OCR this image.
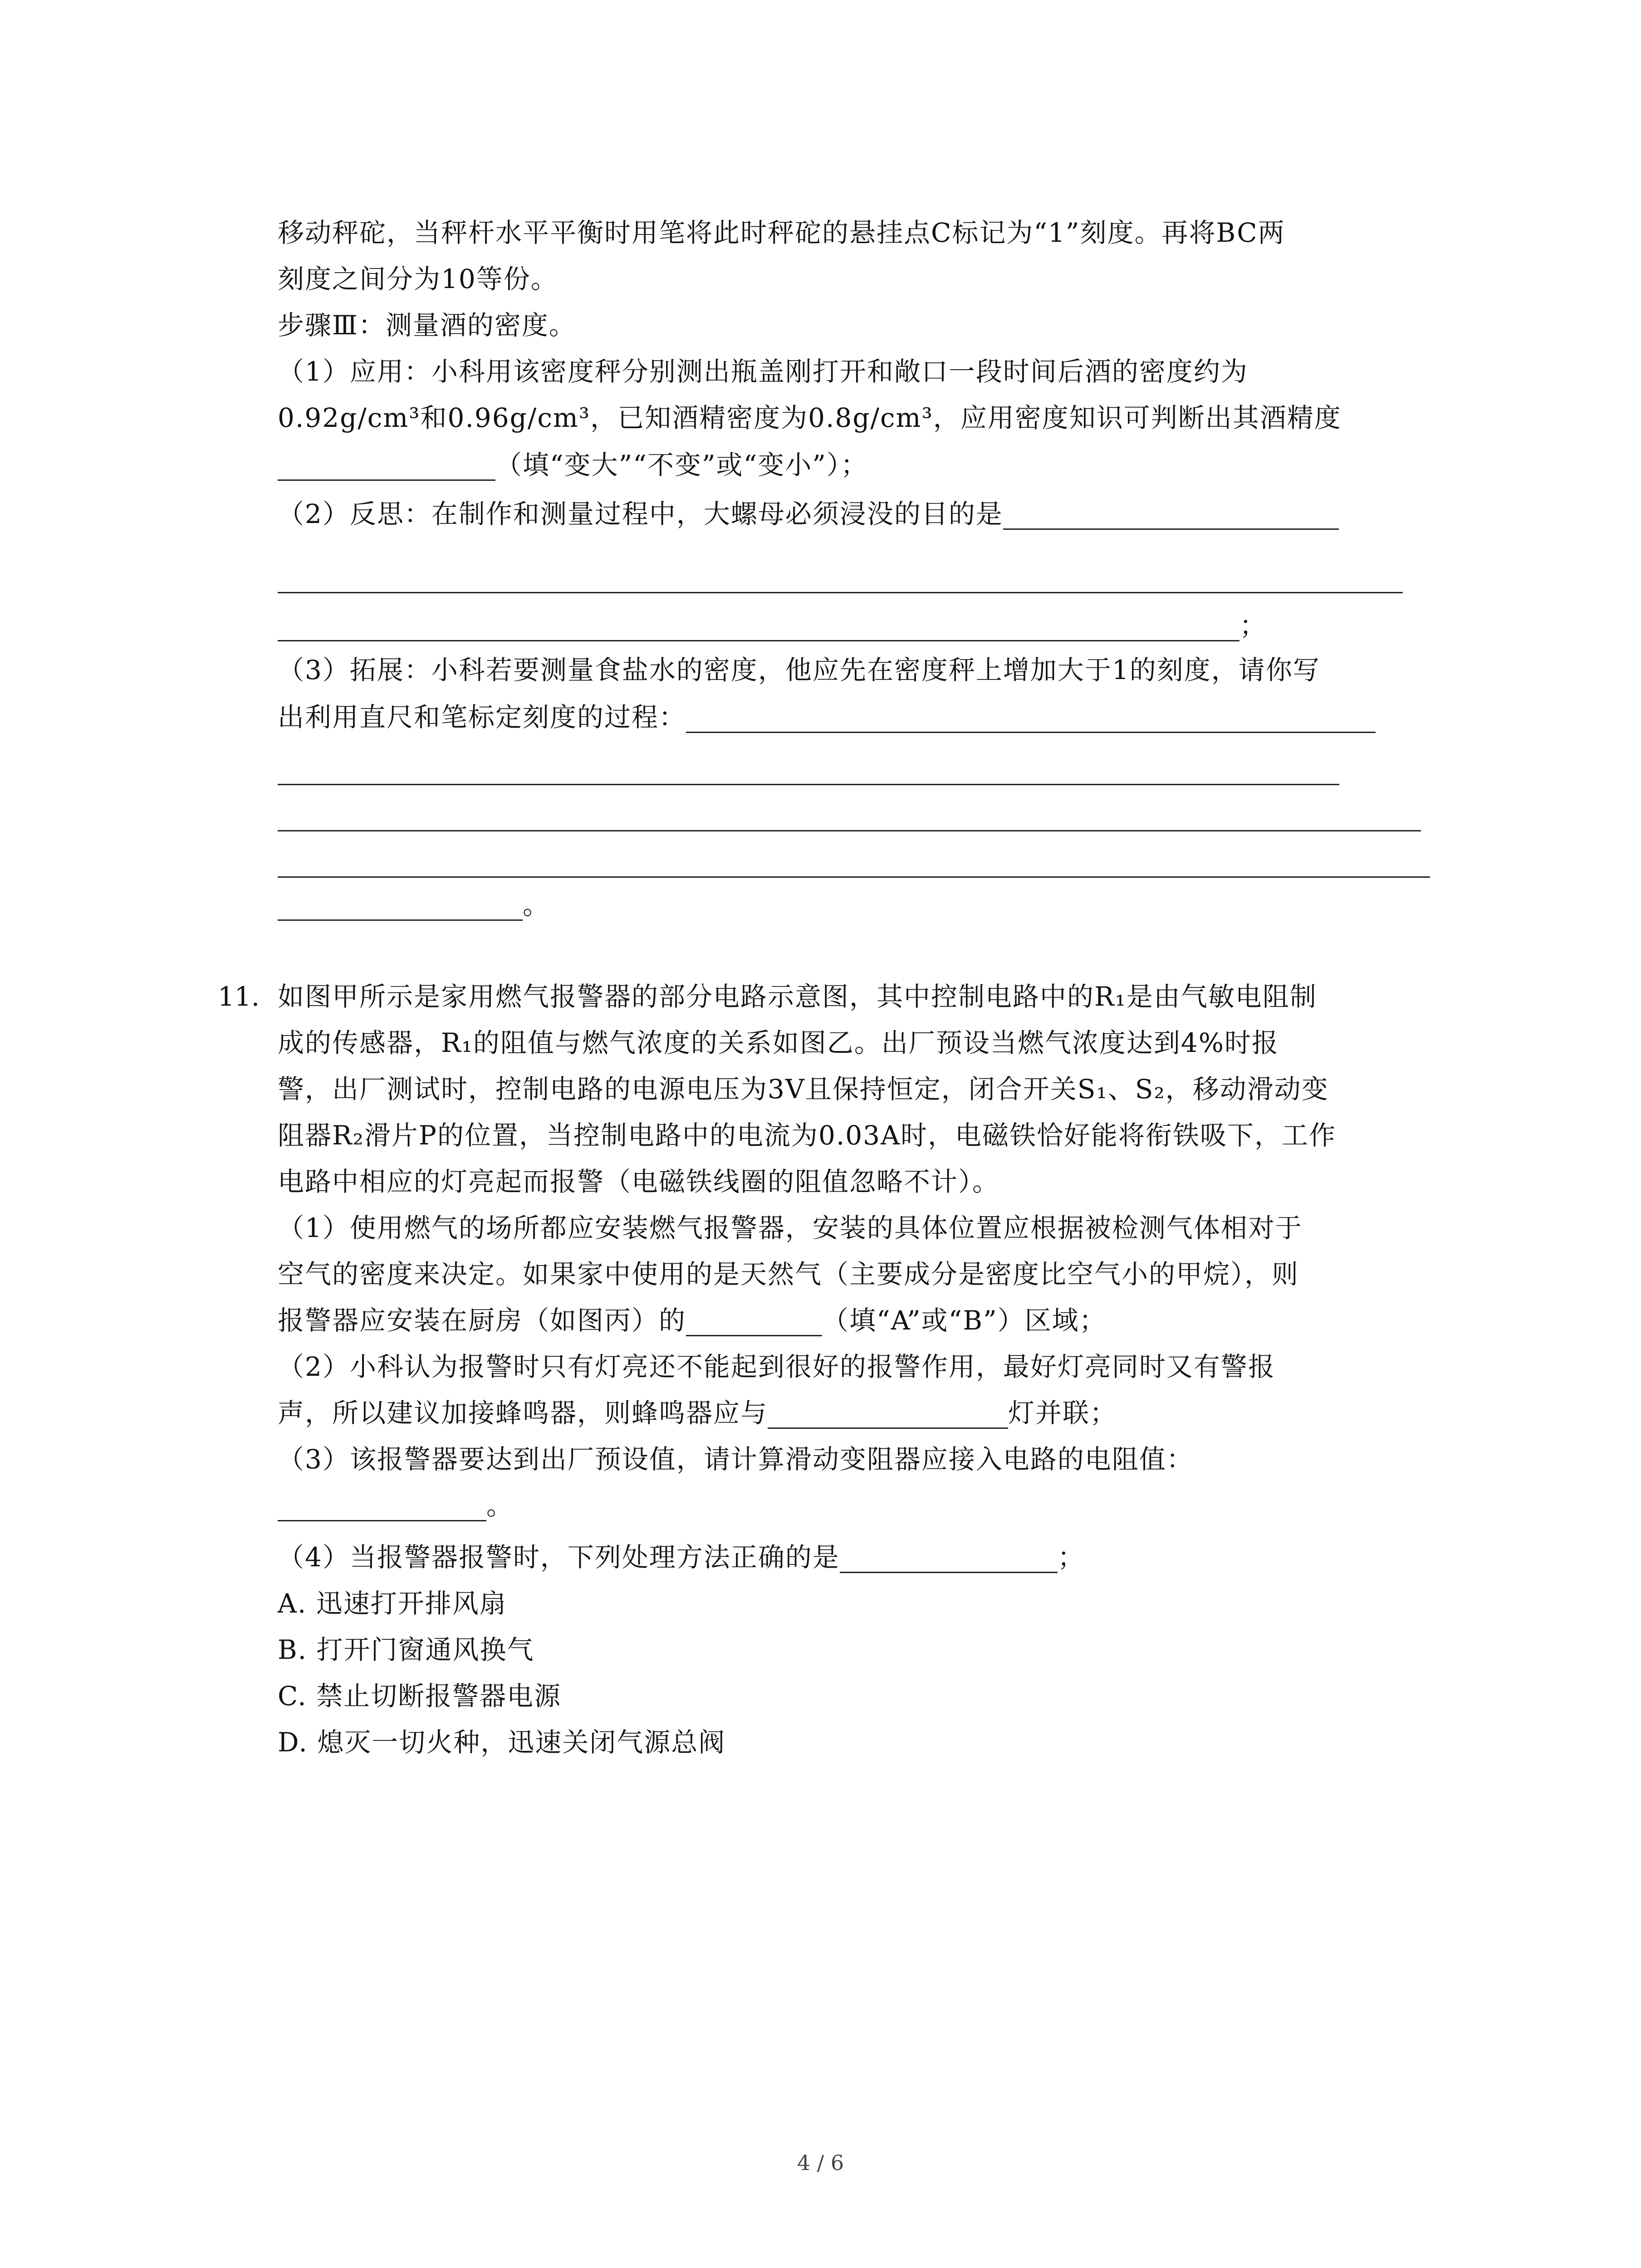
移动秤砣，当秤杆水平平衡时用笔将此时秤砣的悬挂点C标记为“1”刻度。再将BC两
刻度之间分为10等份。
步骤Ⅲ：测量酒的密度。
（1）应用：小科用该密度秤分别测出瓶盖刚打开和敞口一段时间后酒的密度约为
0.92g/cm³和0.96g/cm³，已知酒精密度为0.8g/cm³，应用密度知识可判断出其酒精度
（填“变大”“不变”或“变小”）；
（2）反思：在制作和测量过程中，大螺母必须浸没的目的是
；
（3）拓展：小科若要测量食盐水的密度，他应先在密度秤上增加大于1的刻度，请你写
出利用直尺和笔标定刻度的过程：
。
11. 如图甲所示是家用燃气报警器的部分电路示意图，其中控制电路中的R₁是由气敏电阻制
成的传感器，R₁的阻值与燃气浓度的关系如图乙。出厂预设当燃气浓度达到4%时报
警，出厂测试时，控制电路的电源电压为3V且保持恒定，闭合开关S₁、S₂，移动滑动变
阻器R₂滑片P的位置，当控制电路中的电流为0.03A时，电磁铁恰好能将衔铁吸下，工作
电路中相应的灯亮起而报警（电磁铁线圈的阻值忽略不计）。
（1）使用燃气的场所都应安装燃气报警器，安装的具体位置应根据被检测气体相对于
空气的密度来决定。如果家中使用的是天然气（主要成分是密度比空气小的甲烷），则
报警器应安装在厨房（如图丙）的	（填“A”或“B”）区域；
（2）小科认为报警时只有灯亮还不能起到很好的报警作用，最好灯亮同时又有警报
声，所以建议加接蜂鸣器，则蜂鸣器应与	灯并联；
（3）该报警器要达到出厂预设值，请计算滑动变阻器应接入电路的电阻值：
。
（4）当报警器报警时，下列处理方法正确的是	；
A. 迅速打开排风扇
B. 打开门窗通风换气
C. 禁止切断报警器电源
D. 熄灭一切火种，迅速关闭气源总阀
4 / 6
